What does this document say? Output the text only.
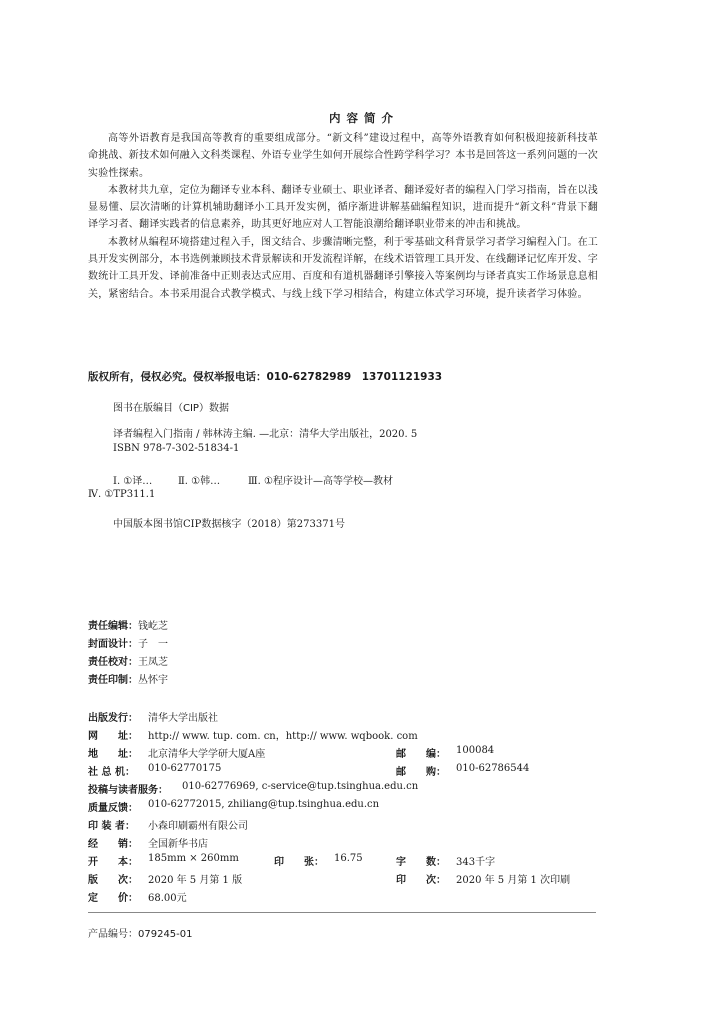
内容简介

高等外语教育是我国高等教育的重要组成部分。“新文科”建设过程中，高等外语教育如何积极迎接新科技革命挑战、新技术如何融入文科类课程、外语专业学生如何开展综合性跨学科学习？本书是回答这一系列问题的一次实验性探索。

本教材共九章，定位为翻译专业本科、翻译专业硕士、职业译者、翻译爱好者的编程入门学习指南，旨在以浅显易懂、层次清晰的计算机辅助翻译小工具开发实例，循序渐进讲解基础编程知识，进而提升“新文科”背景下翻译学习者、翻译实践者的信息素养，助其更好地应对人工智能浪潮给翻译职业带来的冲击和挑战。

本教材从编程环境搭建过程入手，图文结合、步骤清晰完整，利于零基础文科背景学习者学习编程入门。在工具开发实例部分，本书选例兼顾技术背景解读和开发流程详解，在线术语管理工具开发、在线翻译记忆库开发、字数统计工具开发、译前准备中正则表达式应用、百度和有道机器翻译引擎接入等案例均与译者真实工作场景息息相关，紧密结合。本书采用混合式教学模式、与线上线下学习相结合，构建立体式学习环境，提升读者学习体验。

版权所有，侵权必究。侵权举报电话：010-62782989　13701121933
图书在版编目（CIP）数据
译者编程入门指南 / 韩林涛主编. —北京：清华大学出版社，2020. 5
ISBN 978-7-302-51834-1
Ⅰ. ①译…	Ⅱ. ①韩…	Ⅲ. ①程序设计—高等学校—教材
Ⅳ. ①TP311.1
中国版本图书馆CIP数据核字（2018）第273371号
责任编辑：钱屹芝
封面设计：子　一
责任校对：王凤芝
责任印制：丛怀宇
出版发行： 清华大学出版社
网　　址： http:// www. tup. com. cn，http:// www. wqbook. com
地　　址： 北京清华大学学研大厦A座	邮　　编： 100084
社 总 机： 010-62770175	邮　　购： 010-62786544
投稿与读者服务： 010-62776969, c-service@tup.tsinghua.edu.cn
质量反馈： 010-62772015, zhiliang@tup.tsinghua.edu.cn
印 装 者： 小森印刷霸州有限公司
经　　销： 全国新华书店
开　　本： 185mm × 260mm	印　　张： 16.75	字　　数： 343千字
版　　次： 2020 年 5 月第 1 版	印　　次： 2020 年 5 月第 1 次印刷
定　　价： 68.00元
产品编号：079245-01
